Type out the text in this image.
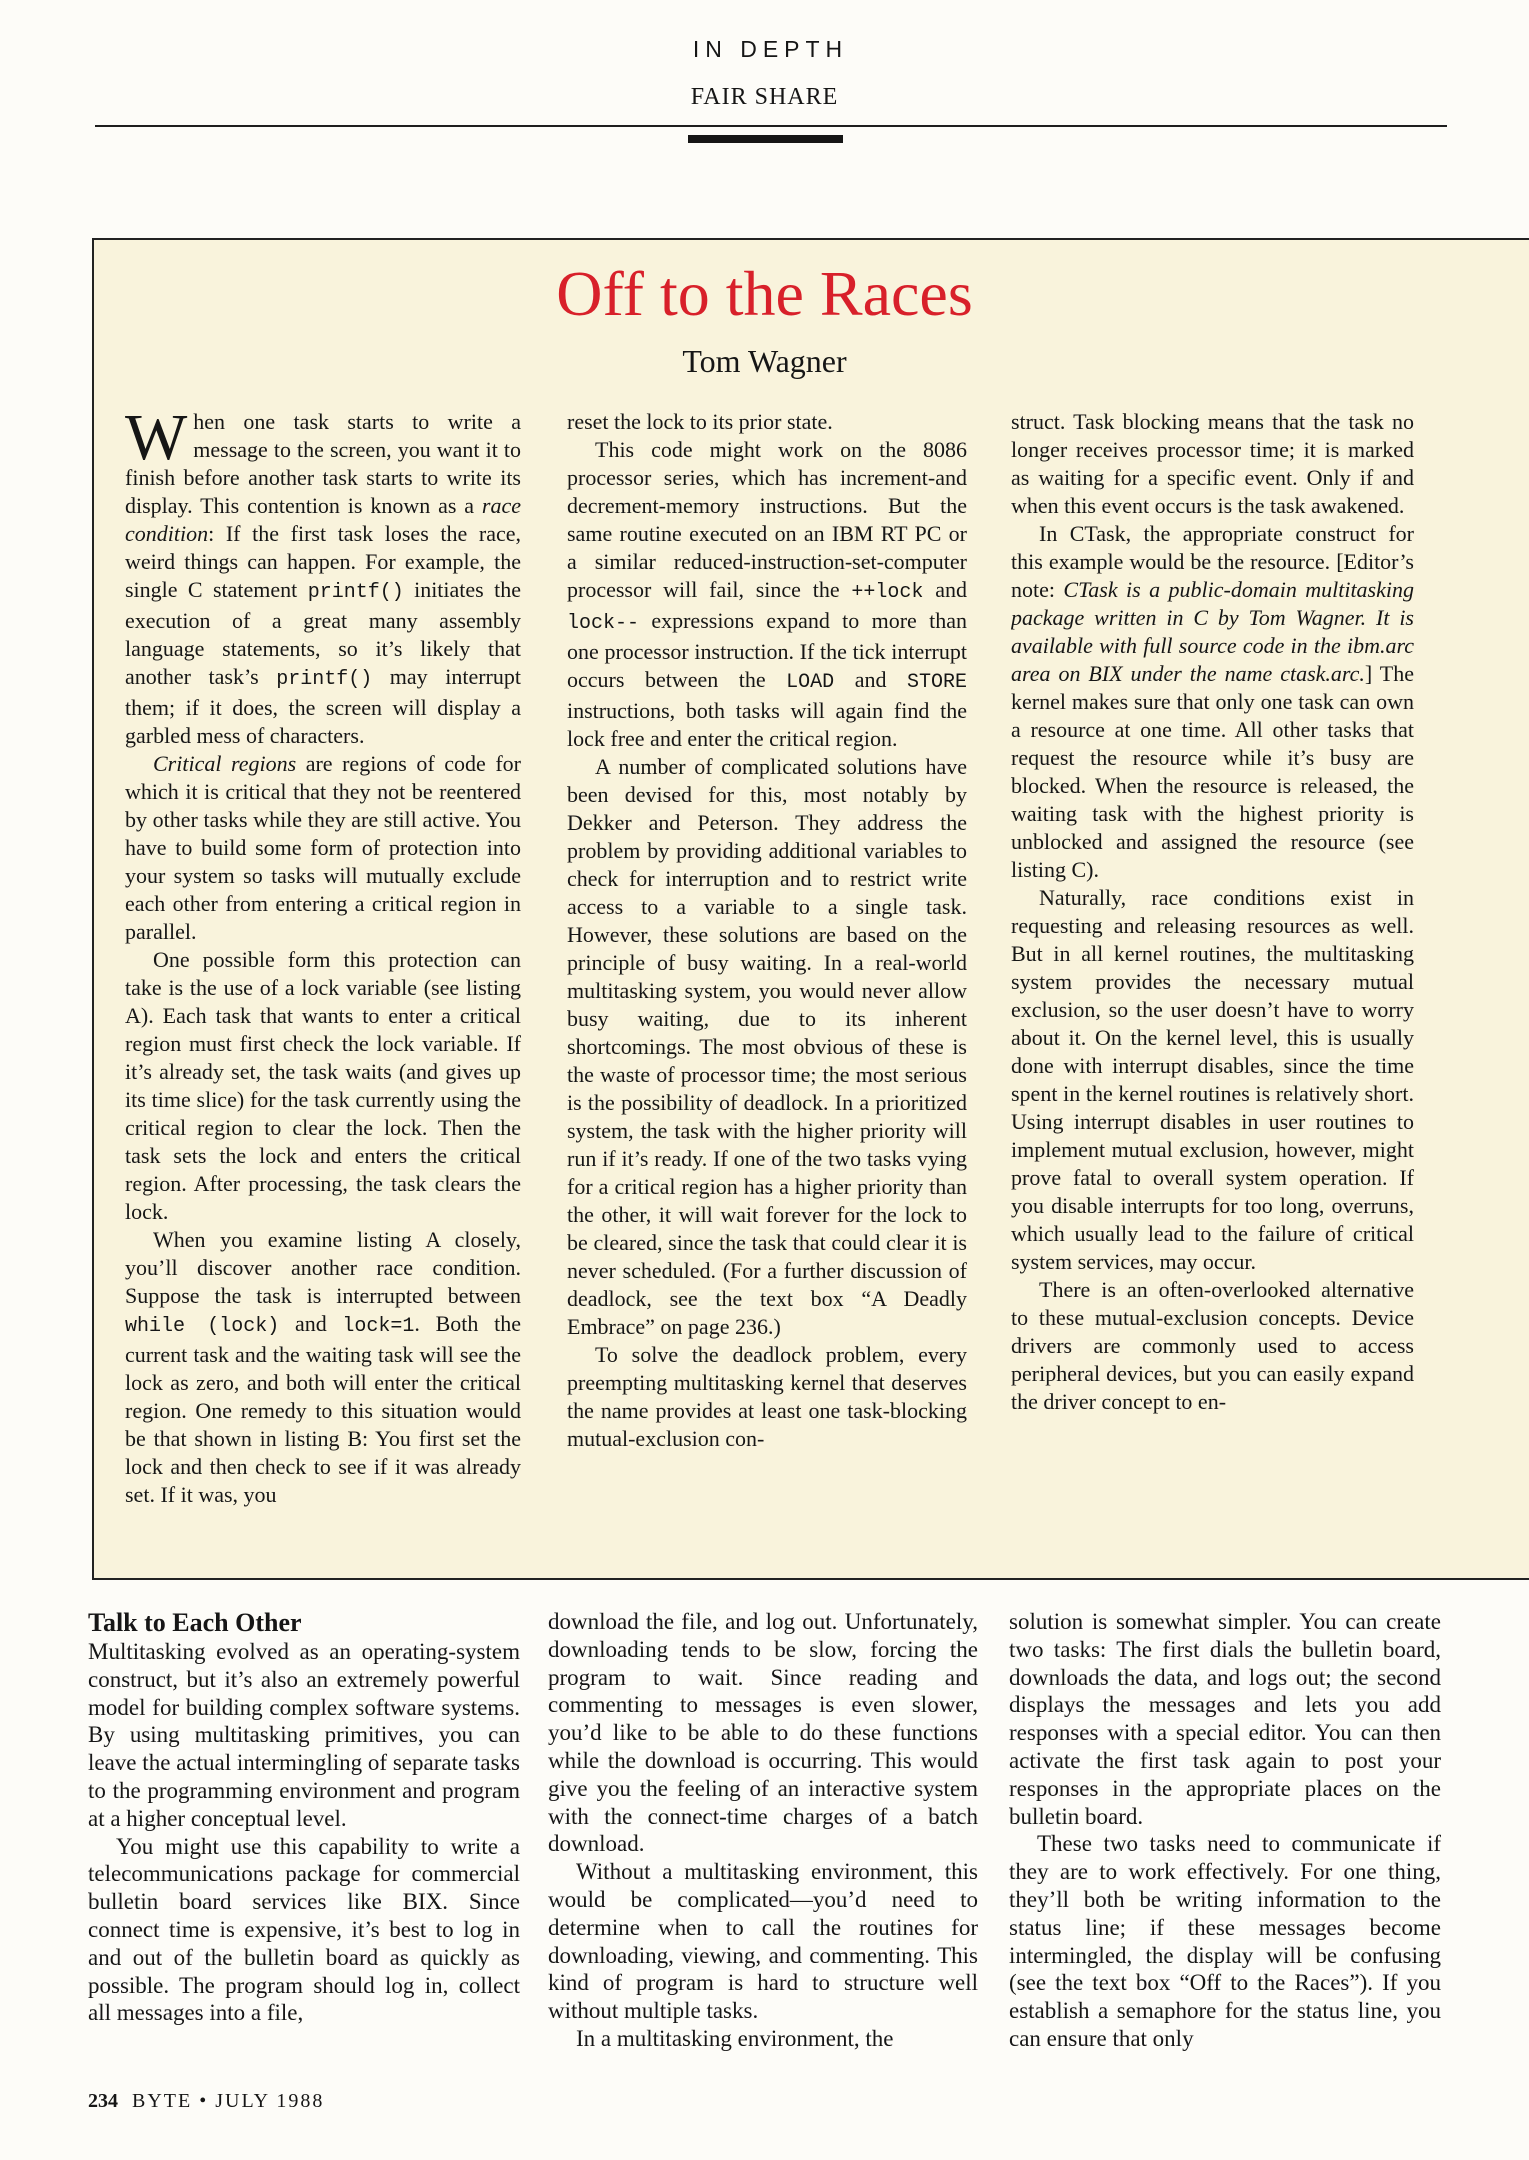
IN DEPTH
FAIR SHARE
Off to the Races
Tom Wagner

When one task starts to write a message to the screen, you want it to finish before another task starts to write its display. This contention is known as a race condition: If the first task loses the race, weird things can happen. For example, the single C statement printf() initiates the execution of a great many assembly language statements, so it’s likely that another task’s printf() may interrupt them; if it does, the screen will display a garbled mess of characters.

Critical regions are regions of code for which it is critical that they not be reentered by other tasks while they are still active. You have to build some form of protection into your system so tasks will mutually exclude each other from entering a critical region in parallel.

One possible form this protection can take is the use of a lock variable (see listing A). Each task that wants to enter a critical region must first check the lock variable. If it’s already set, the task waits (and gives up its time slice) for the task currently using the critical region to clear the lock. Then the task sets the lock and enters the critical region. After processing, the task clears the lock.

When you examine listing A closely, you’ll discover another race condition. Suppose the task is interrupted between while (lock) and lock=1. Both the current task and the waiting task will see the lock as zero, and both will enter the critical region. One remedy to this situation would be that shown in listing B: You first set the lock and then check to see if it was already set. If it was, you

reset the lock to its prior state.

This code might work on the 8086 processor series, which has increment-and decrement-memory instructions. But the same routine executed on an IBM RT PC or a similar reduced-instruction-set-computer processor will fail, since the ++lock and lock-- expressions expand to more than one processor instruction. If the tick interrupt occurs between the LOAD and STORE instructions, both tasks will again find the lock free and enter the critical region.

A number of complicated solutions have been devised for this, most notably by Dekker and Peterson. They address the problem by providing additional variables to check for interruption and to restrict write access to a variable to a single task. However, these solutions are based on the principle of busy waiting. In a real-world multitasking system, you would never allow busy waiting, due to its inherent shortcomings. The most obvious of these is the waste of processor time; the most serious is the possibility of deadlock. In a prioritized system, the task with the higher priority will run if it’s ready. If one of the two tasks vying for a critical region has a higher priority than the other, it will wait forever for the lock to be cleared, since the task that could clear it is never scheduled. (For a further discussion of deadlock, see the text box “A Deadly Embrace” on page 236.)

To solve the deadlock problem, every preempting multitasking kernel that deserves the name provides at least one task-blocking mutual-exclusion con-

struct. Task blocking means that the task no longer receives processor time; it is marked as waiting for a specific event. Only if and when this event occurs is the task awakened.

In CTask, the appropriate construct for this example would be the resource. [Editor’s note: CTask is a public-domain multitasking package written in C by Tom Wagner. It is available with full source code in the ibm.arc area on BIX under the name ctask.arc.] The kernel makes sure that only one task can own a resource at one time. All other tasks that request the resource while it’s busy are blocked. When the resource is released, the waiting task with the highest priority is unblocked and assigned the resource (see listing C).

Naturally, race conditions exist in requesting and releasing resources as well. But in all kernel routines, the multitasking system provides the necessary mutual exclusion, so the user doesn’t have to worry about it. On the kernel level, this is usually done with interrupt disables, since the time spent in the kernel routines is relatively short. Using interrupt disables in user routines to implement mutual exclusion, however, might prove fatal to overall system operation. If you disable interrupts for too long, overruns, which usually lead to the failure of critical system services, may occur.

There is an often-overlooked alternative to these mutual-exclusion concepts. Device drivers are commonly used to access peripheral devices, but you can easily expand the driver concept to en-

Talk to Each Other

Multitasking evolved as an operating-system construct, but it’s also an extremely powerful model for building complex software systems. By using multitasking primitives, you can leave the actual intermingling of separate tasks to the programming environment and program at a higher conceptual level.

You might use this capability to write a telecommunications package for commercial bulletin board services like BIX. Since connect time is expensive, it’s best to log in and out of the bulletin board as quickly as possible. The program should log in, collect all messages into a file,

download the file, and log out. Unfortunately, downloading tends to be slow, forcing the program to wait. Since reading and commenting to messages is even slower, you’d like to be able to do these functions while the download is occurring. This would give you the feeling of an interactive system with the connect-time charges of a batch download.

Without a multitasking environment, this would be complicated—you’d need to determine when to call the routines for downloading, viewing, and commenting. This kind of program is hard to structure well without multiple tasks.

In a multitasking environment, the

solution is somewhat simpler. You can create two tasks: The first dials the bulletin board, downloads the data, and logs out; the second displays the messages and lets you add responses with a special editor. You can then activate the first task again to post your responses in the appropriate places on the bulletin board.

These two tasks need to communicate if they are to work effectively. For one thing, they’ll both be writing information to the status line; if these messages become intermingled, the display will be confusing (see the text box “Off to the Races”). If you establish a semaphore for the status line, you can ensure that only

234 BYTE • JULY 1988
